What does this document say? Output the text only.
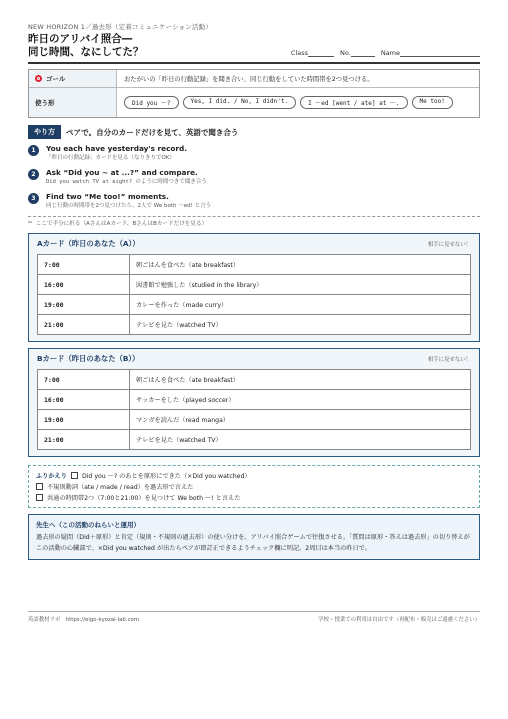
NEW HORIZON 1／過去形（定着コミュニケーション活動）
昨日のアリバイ照合―
同じ時間、なにしてた？	Class	No.	Name
ゴール	おたがいの「昨日の行動記録」を聞き合い、同じ行動をしていた時間帯を2つ見つける。
使う形	Did you ～?	Yes, I did. / No, I didn't.	I ～ed [went / ate] at ～.	Me too!
やり方	ペアで。自分のカードだけを見て、英語で聞き合う
1	You each have yesterday's record.
「昨日の行動記録」カードを見る（なりきりでOK）
2	Ask “Did you ~ at ...?” and compare.
Did you watch TV at eight? のように時間つきで聞き合う
3	Find two “Me too!” moments.
同じ行動の時間帯を2つ見つけたら、2人で We both ～ed! と言う
✂ ここで半分に折る（AさんはAカード、BさんはBカードだけを見る）
Aカード（昨日のあなた（A））	相手に見せない！
7:00	朝ごはんを食べた（ate breakfast）
16:00	図書館で勉強した（studied in the library）
19:00	カレーを作った（made curry）
21:00	テレビを見た（watched TV）
Bカード（昨日のあなた（B））	相手に見せない！
7:00	朝ごはんを食べた（ate breakfast）
16:00	サッカーをした（played soccer）
19:00	マンガを読んだ（read manga）
21:00	テレビを見た（watched TV）
ふりかえり Did you ～? のあとを原形にできた（×Did you watched）
不規則動詞（ate / made / read）を過去形で言えた
共通の時間帯2つ（7:00と21:00）を見つけて We both ～! と言えた
先生へ（この活動のねらいと運用）
過去形の疑問（Did＋原形）と肯定（規則・不規則の過去形）の使い分けを、アリバイ照合ゲームで往復させる。「質問は原形・答えは過去形」の切り替えがこの活動の心臓部で、×Did you watched が出たらペアが即訂正できるようチェック欄に明記。2周目は本当の昨日で。
英語教材ラボ　https://eigo-kyozai-lab.com	学校・授業での利用は自由です（再配布・販売はご遠慮ください）
